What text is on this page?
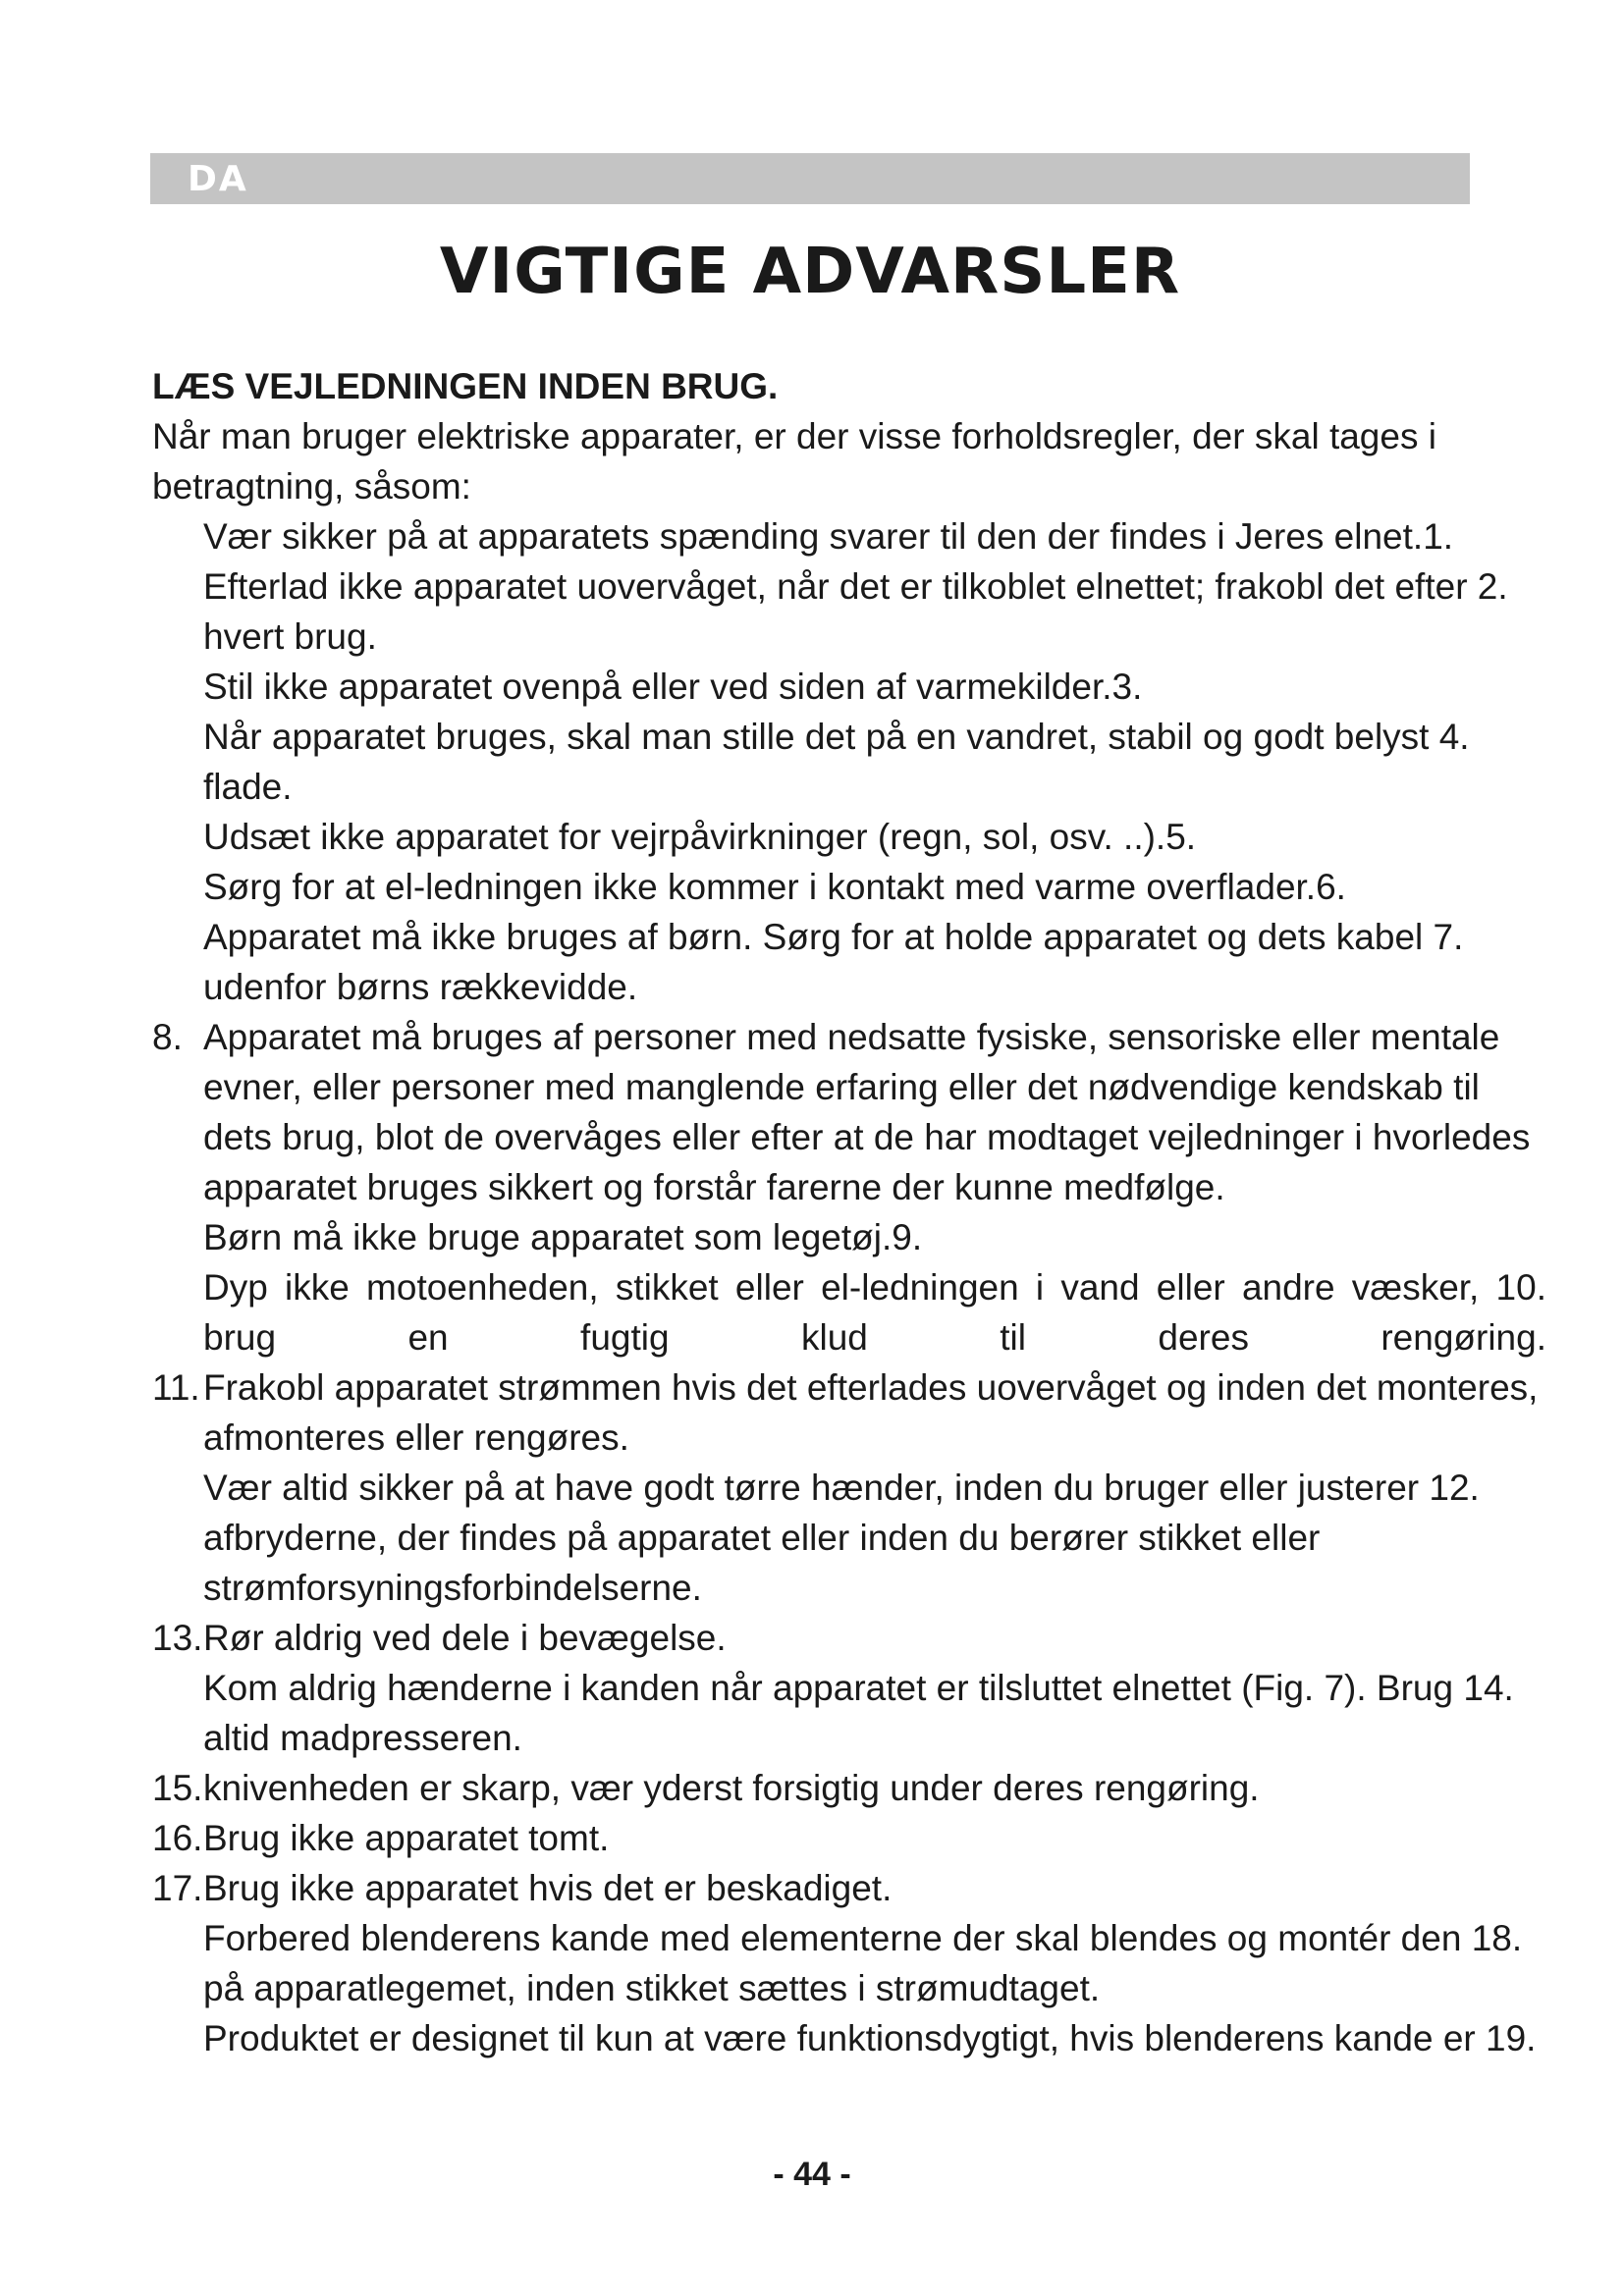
DA
VIGTIGE ADVARSLER

LÆS VEJLEDNINGEN INDEN BRUG.

Når man bruger elektriske apparater, er der visse forholdsregler, der skal tages i betragtning, såsom:

Vær sikker på at apparatets spænding svarer til den der findes i Jeres elnet.1.
Efterlad ikke apparatet uovervåget, når det er tilkoblet elnettet; frakobl det efter 2. hvert brug.
Stil ikke apparatet ovenpå eller ved siden af varmekilder.3.
Når apparatet bruges, skal man stille det på en vandret, stabil og godt belyst 4. flade.
Udsæt ikke apparatet for vejrpåvirkninger (regn, sol, osv. ..).5.
Sørg for at el-ledningen ikke kommer i kontakt med varme overflader.6.
Apparatet må ikke bruges af børn. Sørg for at holde apparatet og dets kabel 7. udenfor børns rækkevidde.
8. Apparatet må bruges af personer med nedsatte fysiske, sensoriske eller mentale evner, eller personer med manglende erfaring eller det nødvendige kendskab til dets brug, blot de overvåges eller efter at de har modtaget vejledninger i hvorledes apparatet bruges sikkert og forstår farerne der kunne medfølge.
Børn må ikke bruge apparatet som legetøj.9.
Dyp ikke motoenheden, stikket eller el-ledningen i vand eller andre væsker, 10. brug en fugtig klud til deres rengøring.
11. Frakobl apparatet strømmen hvis det efterlades uovervåget og inden det monteres, afmonteres eller rengøres.
Vær altid sikker på at have godt tørre hænder, inden du bruger eller justerer 12. afbryderne, der findes på apparatet eller inden du berører stikket eller strømforsyningsforbindelserne.
13. Rør aldrig ved dele i bevægelse.
Kom aldrig hænderne i kanden når apparatet er tilsluttet elnettet (Fig. 7). Brug 14. altid madpresseren.
15. knivenheden er skarp, vær yderst forsigtig under deres rengøring.
16. Brug ikke apparatet tomt.
17. Brug ikke apparatet hvis det er beskadiget.
Forbered blenderens kande med elementerne der skal blendes og montér den 18. på apparatlegemet, inden stikket sættes i strømudtaget.
Produktet er designet til kun at være funktionsdygtigt, hvis blenderens kande er 19.
- 44 -
